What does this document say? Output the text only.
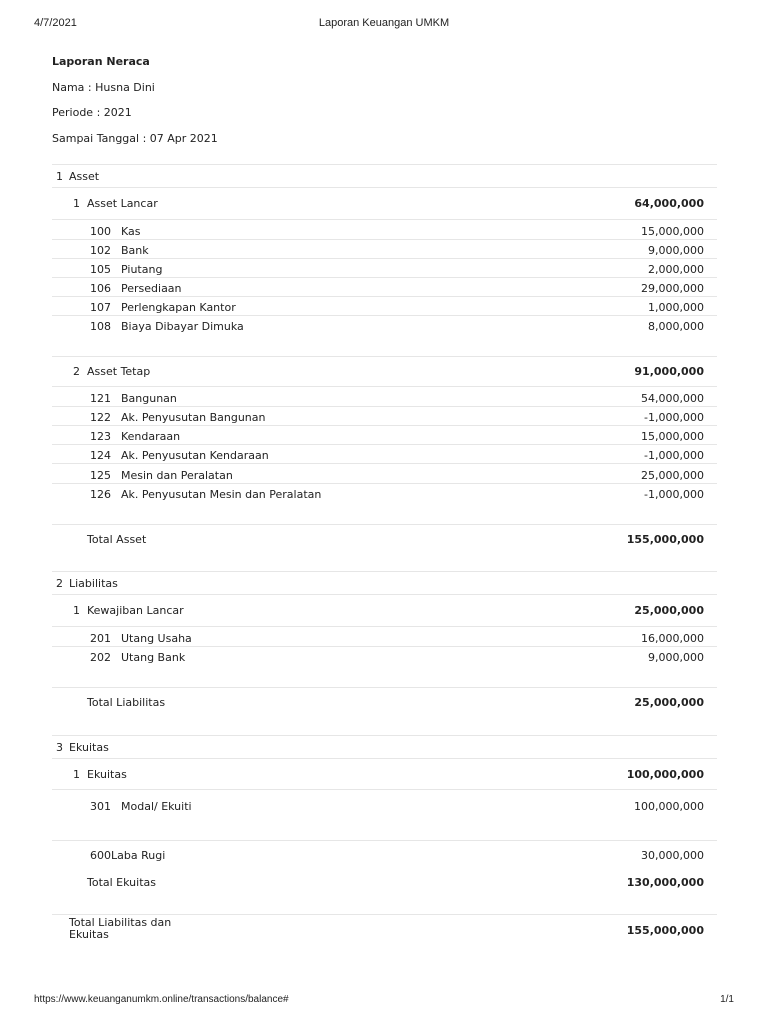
4/7/2021	Laporan Keuangan UMKM
Laporan Neraca
Nama : Husna Dini
Periode : 2021
Sampai Tanggal : 07 Apr 2021
1 Asset
1 Asset Lancar	64,000,000
100 Kas	15,000,000
102 Bank	9,000,000
105 Piutang	2,000,000
106 Persediaan	29,000,000
107 Perlengkapan Kantor	1,000,000
108 Biaya Dibayar Dimuka	8,000,000
2 Asset Tetap	91,000,000
121 Bangunan	54,000,000
122 Ak. Penyusutan Bangunan	-1,000,000
123 Kendaraan	15,000,000
124 Ak. Penyusutan Kendaraan	-1,000,000
125 Mesin dan Peralatan	25,000,000
126 Ak. Penyusutan Mesin dan Peralatan	-1,000,000
Total Asset	155,000,000
2 Liabilitas
1 Kewajiban Lancar	25,000,000
201 Utang Usaha	16,000,000
202 Utang Bank	9,000,000
Total Liabilitas	25,000,000
3 Ekuitas
1 Ekuitas	100,000,000
301 Modal/ Ekuiti	100,000,000
600Laba Rugi	30,000,000
Total Ekuitas	130,000,000
Total Liabilitas dan Ekuitas	155,000,000
https://www.keuanganumkm.online/transactions/balance#	1/1
